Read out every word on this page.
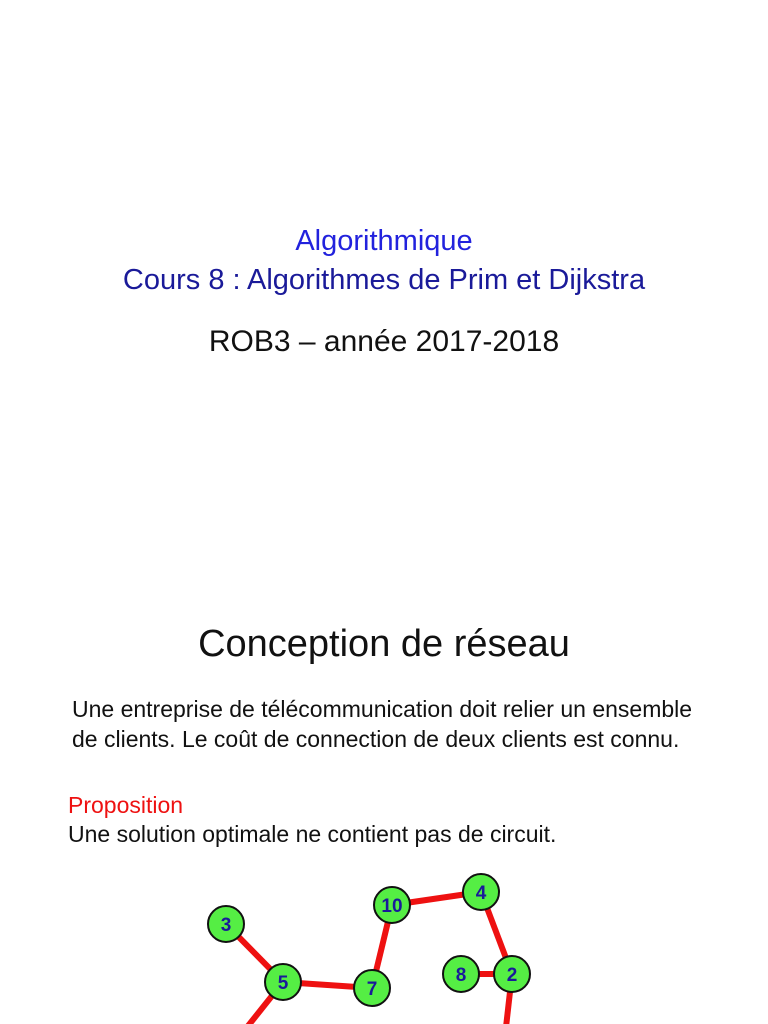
Algorithmique
Cours 8 : Algorithmes de Prim et Dijkstra
ROB3 – année 2017-2018
Conception de réseau

Une entreprise de télécommunication doit relier un ensemble de clients. Le coût de connection de deux clients est connu.

Proposition
Une solution optimale ne contient pas de circuit.
3
5	7
10
4
8 2
